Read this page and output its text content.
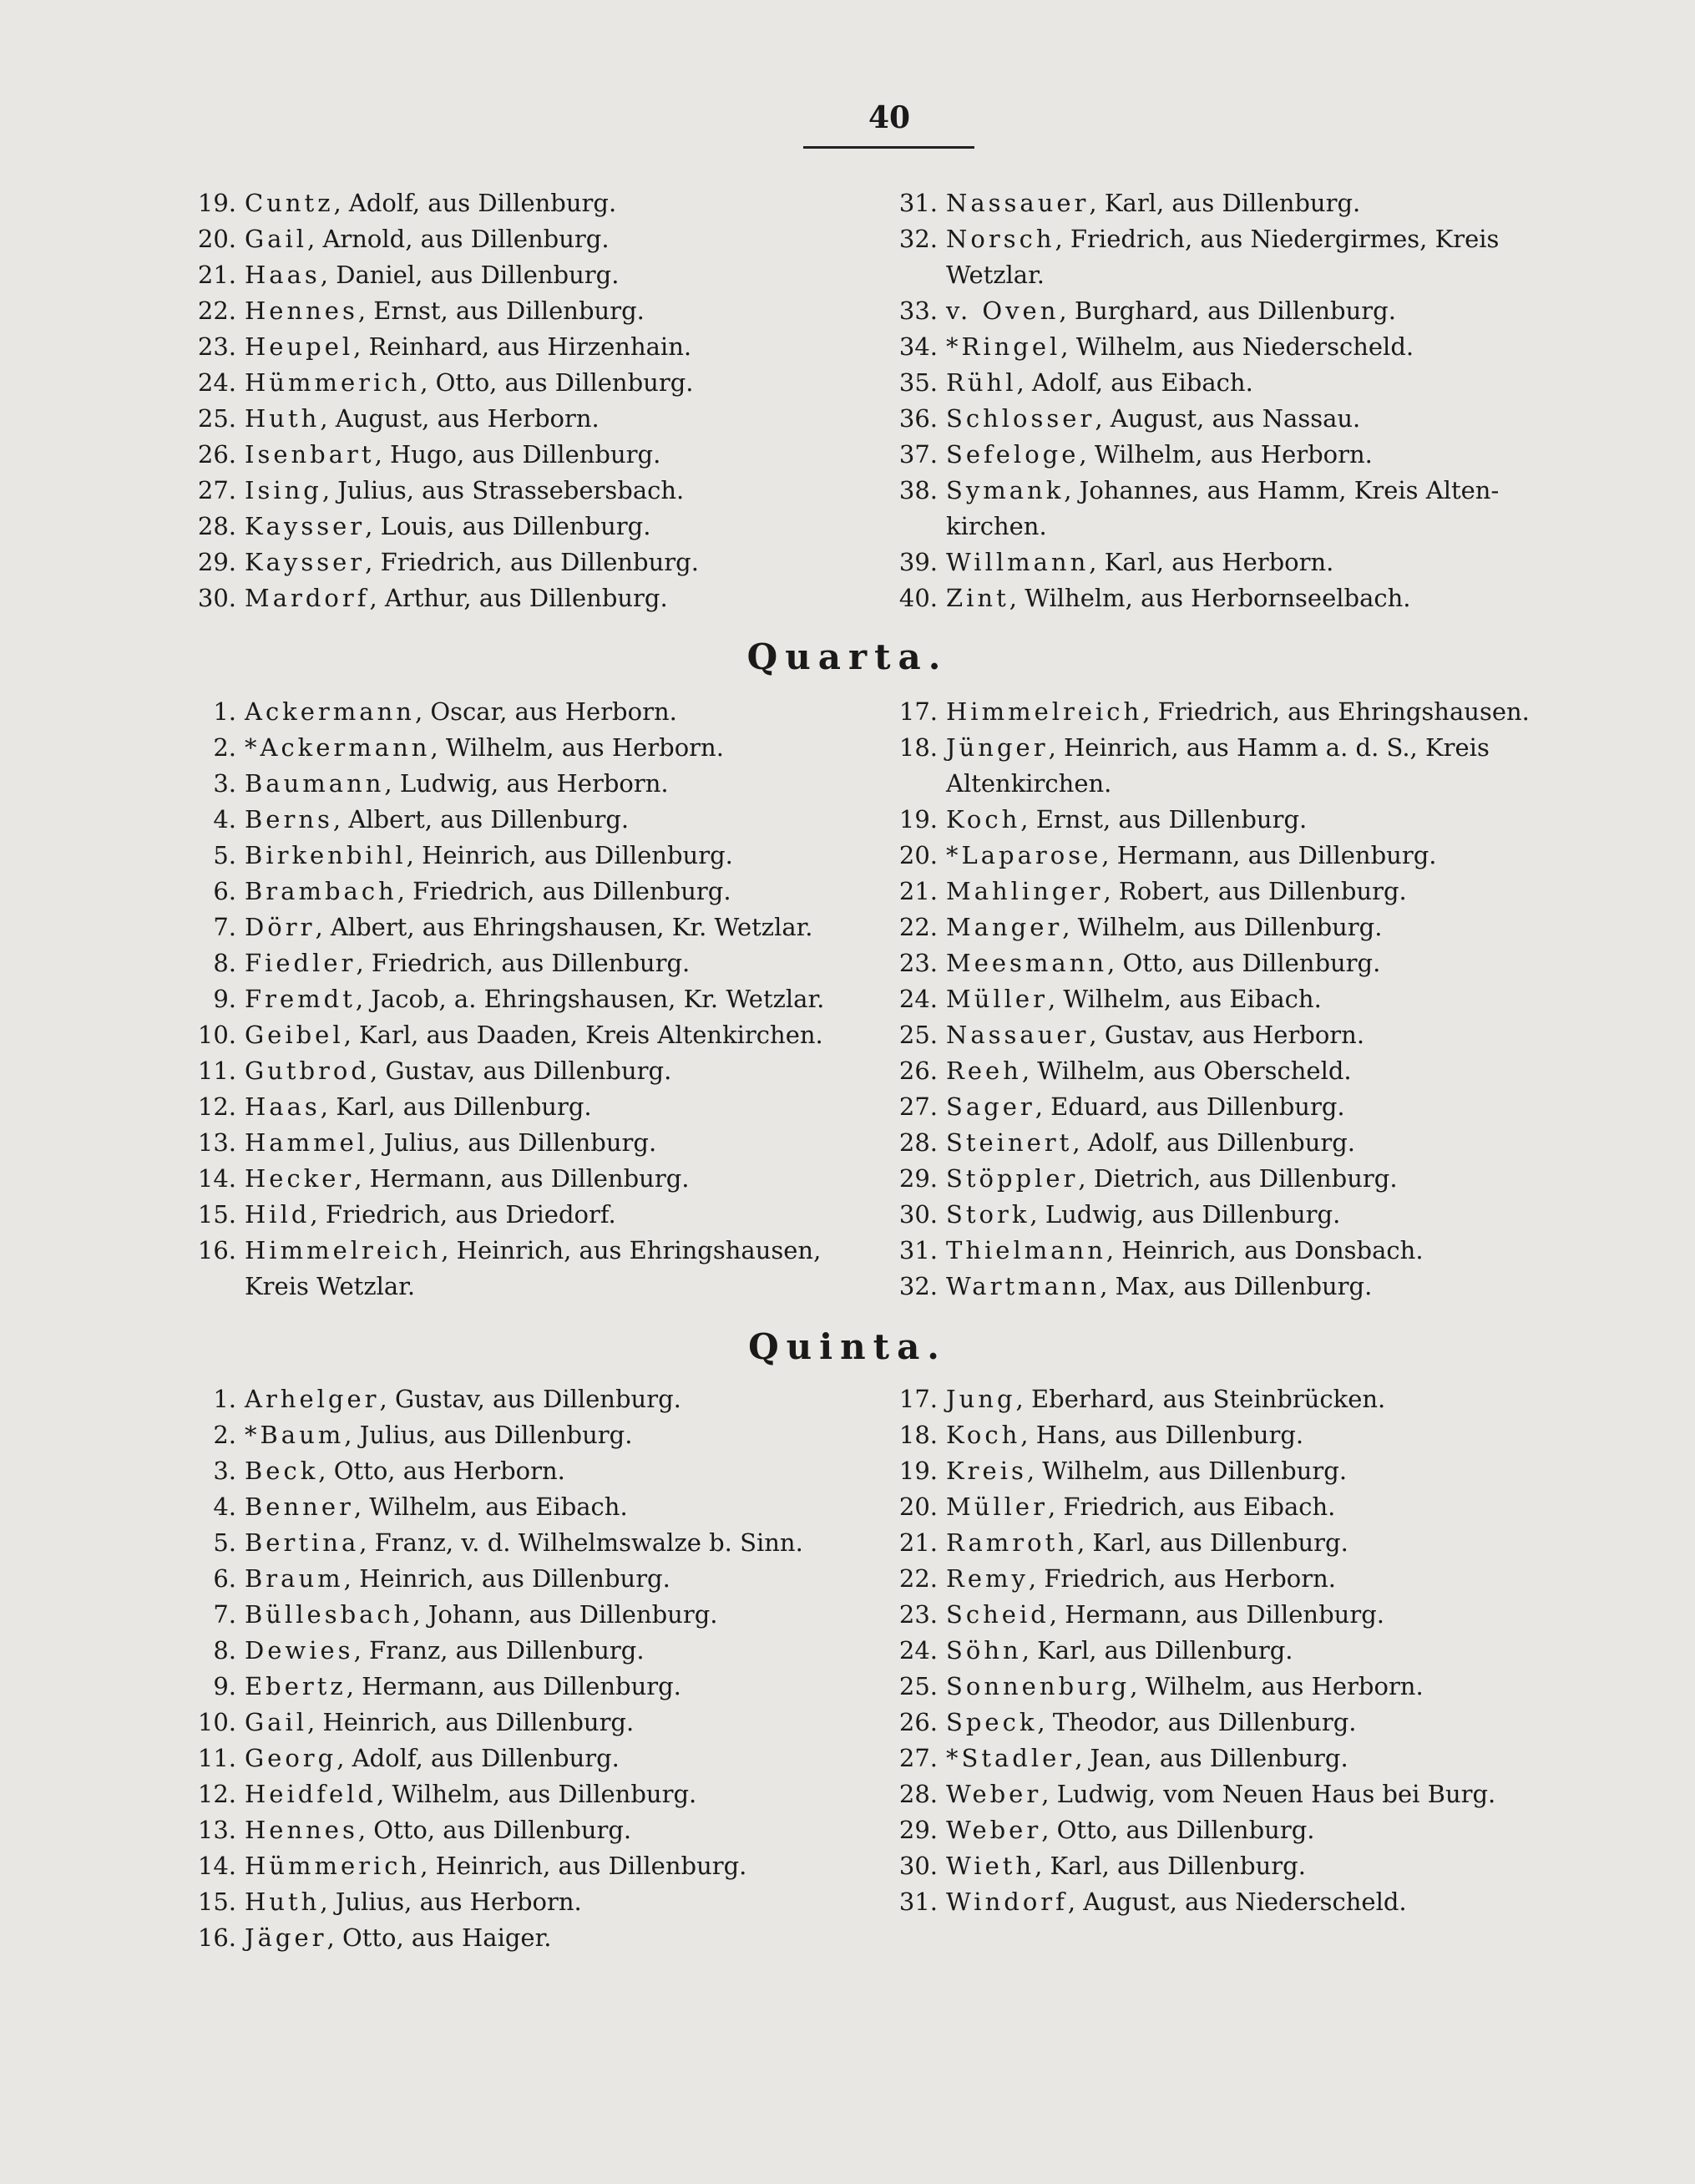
40
19. Cuntz, Adolf, aus Dillenburg.
20. Gail, Arnold, aus Dillenburg.
21. Haas, Daniel, aus Dillenburg.
22. Hennes, Ernst, aus Dillenburg.
23. Heupel, Reinhard, aus Hirzenhain.
24. Hümmerich, Otto, aus Dillenburg.
25. Huth, August, aus Herborn.
26. Isenbart, Hugo, aus Dillenburg.
27. Ising, Julius, aus Strassebersbach.
28. Kaysser, Louis, aus Dillenburg.
29. Kaysser, Friedrich, aus Dillenburg.
30. Mardorf, Arthur, aus Dillenburg.
31. Nassauer, Karl, aus Dillenburg.
32. Norsch, Friedrich, aus Niedergirmes, Kreis
Wetzlar.
33. v. Oven, Burghard, aus Dillenburg.
34. *Ringel, Wilhelm, aus Niederscheld.
35. Rühl, Adolf, aus Eibach.
36. Schlosser, August, aus Nassau.
37. Sefeloge, Wilhelm, aus Herborn.
38. Symank, Johannes, aus Hamm, Kreis Alten-
kirchen.
39. Willmann, Karl, aus Herborn.
40. Zint, Wilhelm, aus Herbornseelbach.
Quarta.
1. Ackermann, Oscar, aus Herborn.
2. *Ackermann, Wilhelm, aus Herborn.
3. Baumann, Ludwig, aus Herborn.
4. Berns, Albert, aus Dillenburg.
5. Birkenbihl, Heinrich, aus Dillenburg.
6. Brambach, Friedrich, aus Dillenburg.
7. Dörr, Albert, aus Ehringshausen, Kr. Wetzlar.
8. Fiedler, Friedrich, aus Dillenburg.
9. Fremdt, Jacob, a. Ehringshausen, Kr. Wetzlar.
10. Geibel, Karl, aus Daaden, Kreis Altenkirchen.
11. Gutbrod, Gustav, aus Dillenburg.
12. Haas, Karl, aus Dillenburg.
13. Hammel, Julius, aus Dillenburg.
14. Hecker, Hermann, aus Dillenburg.
15. Hild, Friedrich, aus Driedorf.
16. Himmelreich, Heinrich, aus Ehringshausen,
Kreis Wetzlar.
17. Himmelreich, Friedrich, aus Ehringshausen.
18. Jünger, Heinrich, aus Hamm a. d. S., Kreis
Altenkirchen.
19. Koch, Ernst, aus Dillenburg.
20. *Laparose, Hermann, aus Dillenburg.
21. Mahlinger, Robert, aus Dillenburg.
22. Manger, Wilhelm, aus Dillenburg.
23. Meesmann, Otto, aus Dillenburg.
24. Müller, Wilhelm, aus Eibach.
25. Nassauer, Gustav, aus Herborn.
26. Reeh, Wilhelm, aus Oberscheld.
27. Sager, Eduard, aus Dillenburg.
28. Steinert, Adolf, aus Dillenburg.
29. Stöppler, Dietrich, aus Dillenburg.
30. Stork, Ludwig, aus Dillenburg.
31. Thielmann, Heinrich, aus Donsbach.
32. Wartmann, Max, aus Dillenburg.
Quinta.
1. Arhelger, Gustav, aus Dillenburg.
2. *Baum, Julius, aus Dillenburg.
3. Beck, Otto, aus Herborn.
4. Benner, Wilhelm, aus Eibach.
5. Bertina, Franz, v. d. Wilhelmswalze b. Sinn.
6. Braum, Heinrich, aus Dillenburg.
7. Büllesbach, Johann, aus Dillenburg.
8. Dewies, Franz, aus Dillenburg.
9. Ebertz, Hermann, aus Dillenburg.
10. Gail, Heinrich, aus Dillenburg.
11. Georg, Adolf, aus Dillenburg.
12. Heidfeld, Wilhelm, aus Dillenburg.
13. Hennes, Otto, aus Dillenburg.
14. Hümmerich, Heinrich, aus Dillenburg.
15. Huth, Julius, aus Herborn.
16. Jäger, Otto, aus Haiger.
17. Jung, Eberhard, aus Steinbrücken.
18. Koch, Hans, aus Dillenburg.
19. Kreis, Wilhelm, aus Dillenburg.
20. Müller, Friedrich, aus Eibach.
21. Ramroth, Karl, aus Dillenburg.
22. Remy, Friedrich, aus Herborn.
23. Scheid, Hermann, aus Dillenburg.
24. Söhn, Karl, aus Dillenburg.
25. Sonnenburg, Wilhelm, aus Herborn.
26. Speck, Theodor, aus Dillenburg.
27. *Stadler, Jean, aus Dillenburg.
28. Weber, Ludwig, vom Neuen Haus bei Burg.
29. Weber, Otto, aus Dillenburg.
30. Wieth, Karl, aus Dillenburg.
31. Windorf, August, aus Niederscheld.
